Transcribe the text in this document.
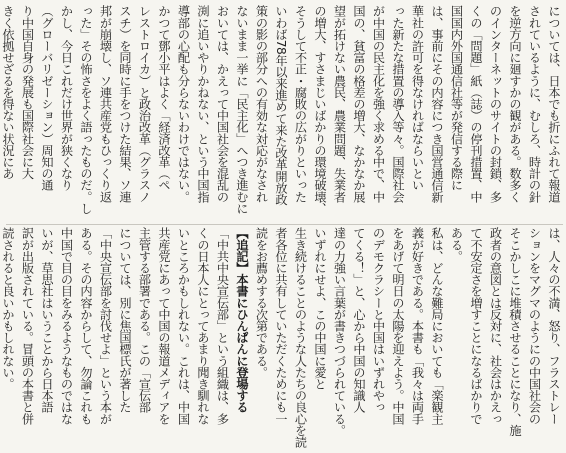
については、日本でも折にふれて報道
されているように、むしろ、時計の針
を逆方向に廻すかの観がある。数多く
のインターネットのサイトの封鎖、多
くの「問題」紙（誌）の停刊措置、中
国国内外国通信社等が発信する際に
は、事前にその内容につき国営通信新
華社の許可を得なければならいとい
った新たな措置の導入等々。国際社会
が中国の民主化を強く求める中で、中
国の、貧富の格差の増大、なかなか展
望が拓けない農民、農業問題、失業者
の増大、すさまじいばかりの環境破壊、
そうして不正・腐敗の広がりといった
いわば78年以来進めて来た改革開放政
策の影の部分への有効な対応がなされ
ないまま一挙に「民主化」へつき進むに
おいては、かえって中国社会を混乱の
渕に追いやりかねない、という中国指
導部の心配も分らないわけではない。
かつて鄧小平はよく「経済改革（ペ
レストロイカ）と政治改革（グラスノ
スチ）を同時に手をつけた結果、ソ連
邦が崩壊し、ソ連共産党もひっくり返
った」その怖さをよく語ったものだ。し
かし、今日これだけ世界が狭くなり
（グローバリゼーション）周知の通
り中国自身の発展も国際社会に大
きく依拠せざるを得ない状況にあ
は、人々の不満、怒り、フラストレー
ションをマグマのようにの中国社会の
そこかしこに堆積させることになり、施
政者の意図とは反対に、社会はかえっ
て不安定さを増すことになるばかりで
ある。
私は、どんな難局においても「楽観主
義が好きである。本書も「我々は両手
をあげて明日の太陽を迎えよう。中国
のデモクラシーと中国はいずれやっ
てくる！」と、心から中国の知識人
達の力強い言葉が書きつづられている。
いずれにせよ、この中国に愛と
生き続けることのような人たちの良心を読
者各位に共有していただくためにも一
読をお薦めする次第である。
【追記】本書にひんぱんに登場する
「中共中央宣伝部」という組織は、多
くの日本人にとってあまり聞き馴れな
いところかもしれない。これは、中国
共産党にあって中国の報道メディアを
主管する部署である。この「宣伝部
については、別に焦国標氏が著した
「中央宣伝部を討伐せよ」という本が
ある。その内容からして、勿論これも
中国で目の目をみるようなものではな
いが、草思社はいうことから日本語
訳が出版されている。冒頭の本書と併
読されると良いかもしれない。
